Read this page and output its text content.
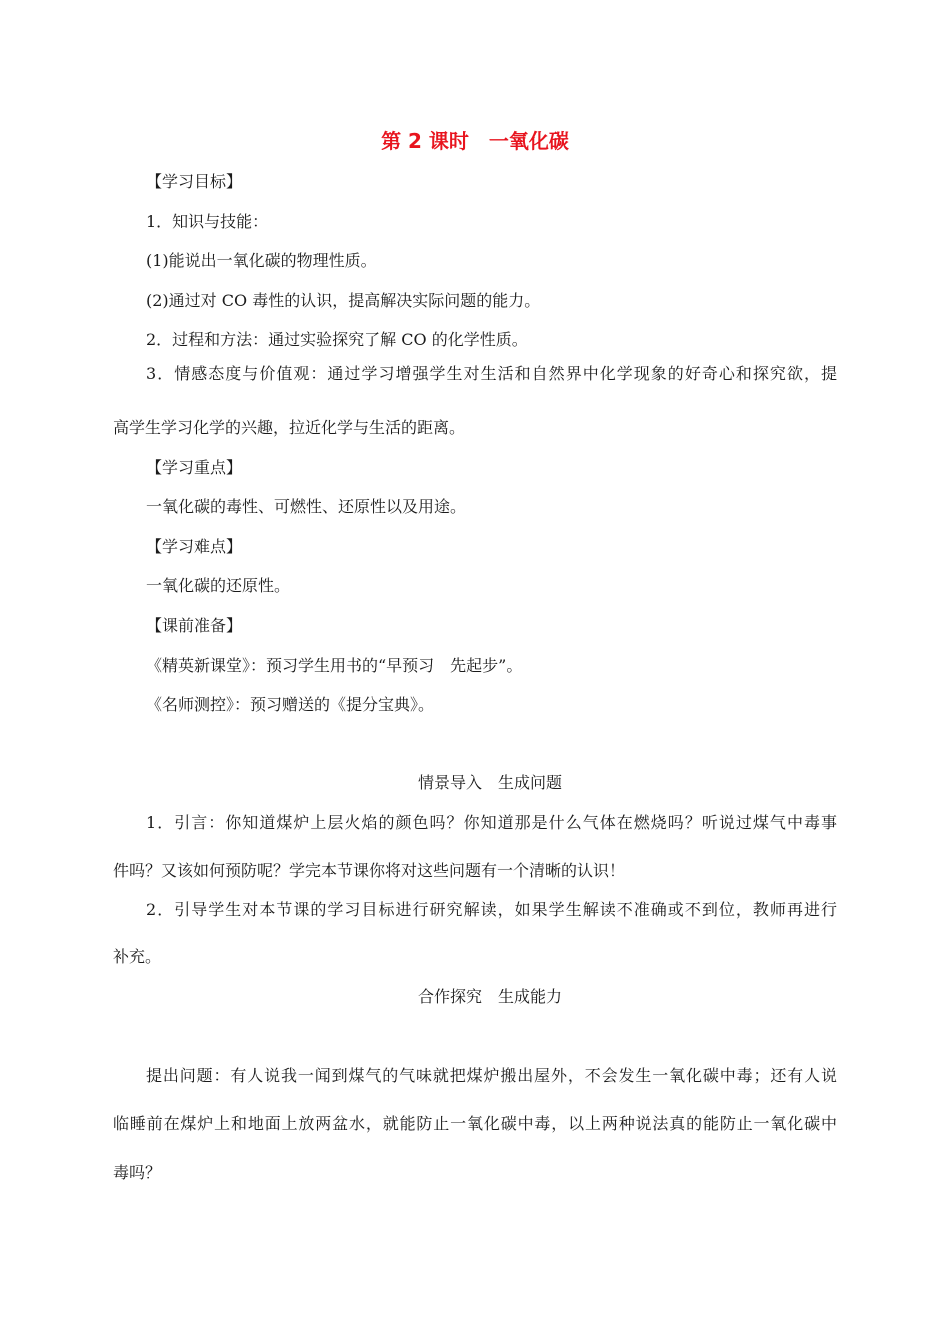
第 2 课时　一氧化碳
【学习目标】
1．知识与技能：
(1)能说出一氧化碳的物理性质。
(2)通过对 CO 毒性的认识，提高解决实际问题的能力。
2．过程和方法：通过实验探究了解 CO 的化学性质。
3．情感态度与价值观：通过学习增强学生对生活和自然界中化学现象的好奇心和探究欲，提
高学生学习化学的兴趣，拉近化学与生活的距离。
【学习重点】
一氧化碳的毒性、可燃性、还原性以及用途。
【学习难点】
一氧化碳的还原性。
【课前准备】
《精英新课堂》：预习学生用书的“早预习　先起步”。
《名师测控》：预习赠送的《提分宝典》。
情景导入　生成问题
1．引言：你知道煤炉上层火焰的颜色吗？你知道那是什么气体在燃烧吗？听说过煤气中毒事
件吗？又该如何预防呢？学完本节课你将对这些问题有一个清晰的认识！
2．引导学生对本节课的学习目标进行研究解读，如果学生解读不准确或不到位，教师再进行
补充。
合作探究　生成能力
提出问题：有人说我一闻到煤气的气味就把煤炉搬出屋外，不会发生一氧化碳中毒；还有人说
临睡前在煤炉上和地面上放两盆水，就能防止一氧化碳中毒，以上两种说法真的能防止一氧化碳中
毒吗？
